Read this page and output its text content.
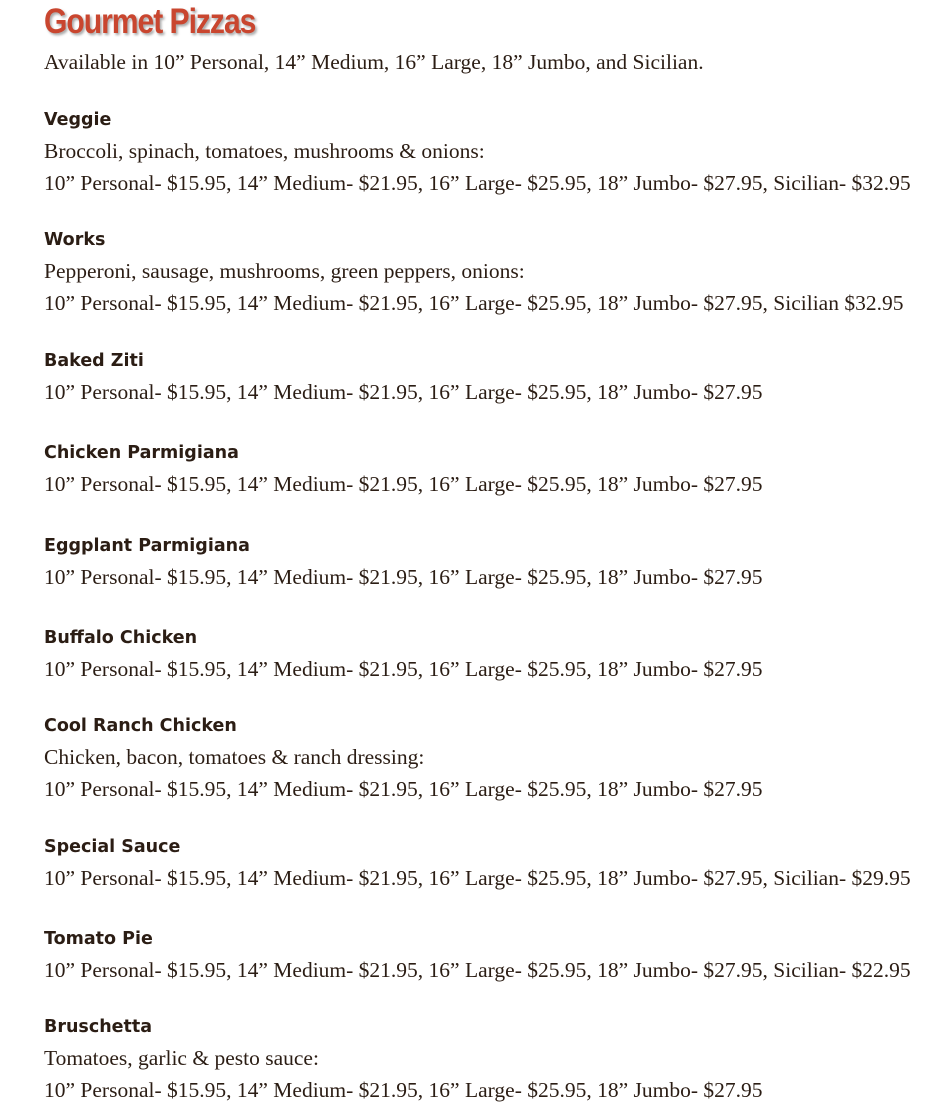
Gourmet Pizzas

Available in 10” Personal, 14” Medium, 16” Large, 18” Jumbo, and Sicilian.

Veggie

Broccoli, spinach, tomatoes, mushrooms & onions:

10” Personal- $15.95, 14” Medium- $21.95, 16” Large- $25.95, 18” Jumbo- $27.95, Sicilian- $32.95

Works

Pepperoni, sausage, mushrooms, green peppers, onions:

10” Personal- $15.95, 14” Medium- $21.95, 16” Large- $25.95, 18” Jumbo- $27.95, Sicilian $32.95

Baked Ziti

10” Personal- $15.95, 14” Medium- $21.95, 16” Large- $25.95, 18” Jumbo- $27.95

Chicken Parmigiana

10” Personal- $15.95, 14” Medium- $21.95, 16” Large- $25.95, 18” Jumbo- $27.95

Eggplant Parmigiana

10” Personal- $15.95, 14” Medium- $21.95, 16” Large- $25.95, 18” Jumbo- $27.95

Buffalo Chicken

10” Personal- $15.95, 14” Medium- $21.95, 16” Large- $25.95, 18” Jumbo- $27.95

Cool Ranch Chicken

Chicken, bacon, tomatoes & ranch dressing:

10” Personal- $15.95, 14” Medium- $21.95, 16” Large- $25.95, 18” Jumbo- $27.95

Special Sauce

10” Personal- $15.95, 14” Medium- $21.95, 16” Large- $25.95, 18” Jumbo- $27.95, Sicilian- $29.95

Tomato Pie

10” Personal- $15.95, 14” Medium- $21.95, 16” Large- $25.95, 18” Jumbo- $27.95, Sicilian- $22.95

Bruschetta

Tomatoes, garlic & pesto sauce:

10” Personal- $15.95, 14” Medium- $21.95, 16” Large- $25.95, 18” Jumbo- $27.95
